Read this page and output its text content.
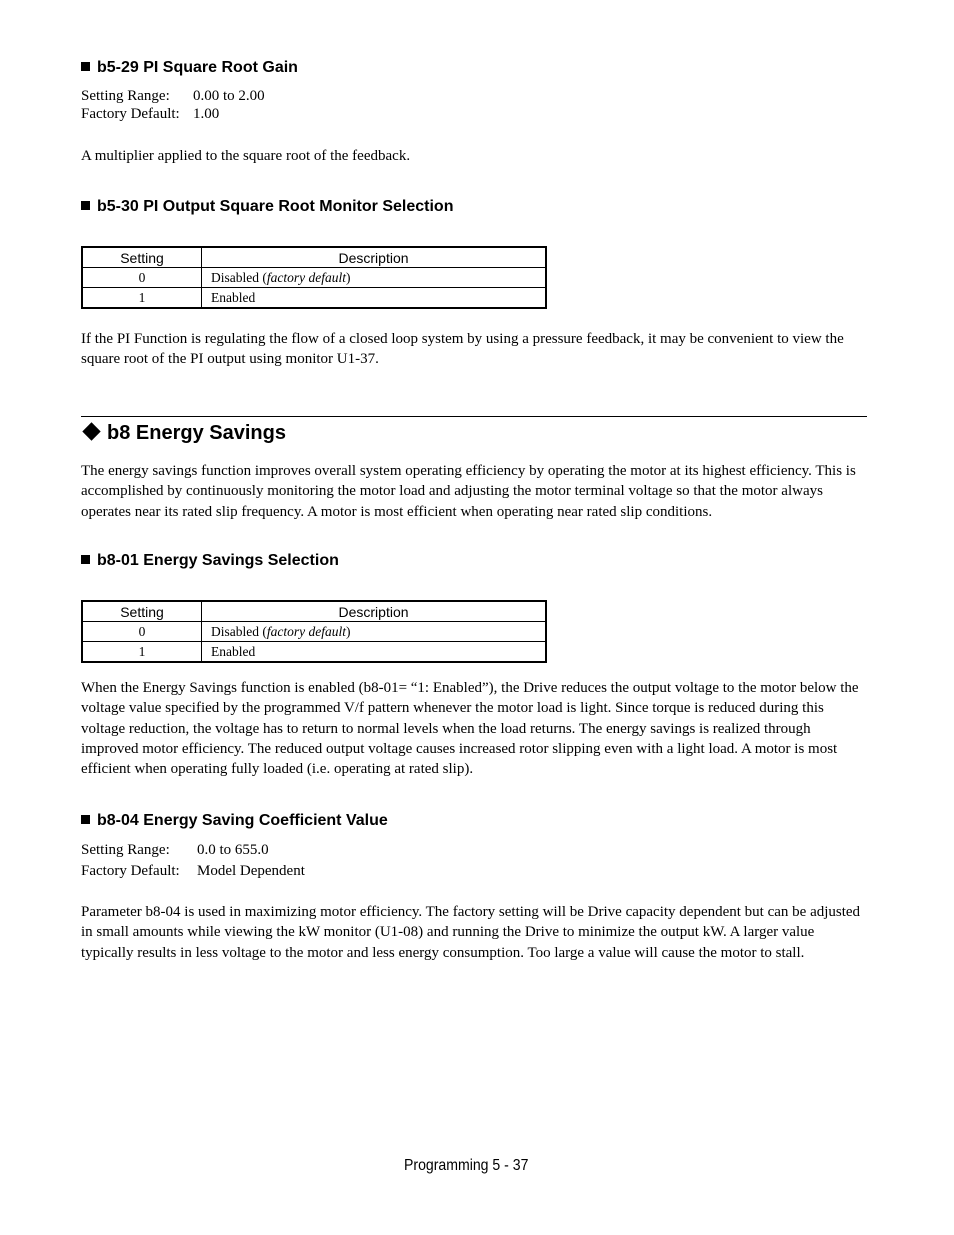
b5-29 PI Square Root Gain
Setting Range: 0.00 to 2.00
Factory Default: 1.00
A multiplier applied to the square root of the feedback.
b5-30 PI Output Square Root Monitor Selection
Setting	Description
0	Disabled (factory default)
1	Enabled
If the PI Function is regulating the flow of a closed loop system by using a pressure feedback, it may be convenient to view the square root of the PI output using monitor U1-37.
b8 Energy Savings
The energy savings function improves overall system operating efficiency by operating the motor at its highest efficiency. This is accomplished by continuously monitoring the motor load and adjusting the motor terminal voltage so that the motor always operates near its rated slip frequency. A motor is most efficient when operating near rated slip conditions.
b8-01 Energy Savings Selection
Setting	Description
0	Disabled (factory default)
1	Enabled
When the Energy Savings function is enabled (b8-01= “1: Enabled”), the Drive reduces the output voltage to the motor below the voltage value specified by the programmed V/f pattern whenever the motor load is light. Since torque is reduced during this voltage reduction, the voltage has to return to normal levels when the load returns. The energy savings is realized through improved motor efficiency. The reduced output voltage causes increased rotor slipping even with a light load. A motor is most efficient when operating fully loaded (i.e. operating at rated slip).
b8-04 Energy Saving Coefficient Value
Setting Range: 0.0 to 655.0
Factory Default: Model Dependent
Parameter b8-04 is used in maximizing motor efficiency. The factory setting will be Drive capacity dependent but can be adjusted in small amounts while viewing the kW monitor (U1-08) and running the Drive to minimize the output kW. A larger value typically results in less voltage to the motor and less energy consumption. Too large a value will cause the motor to stall.
Programming 5 - 37
